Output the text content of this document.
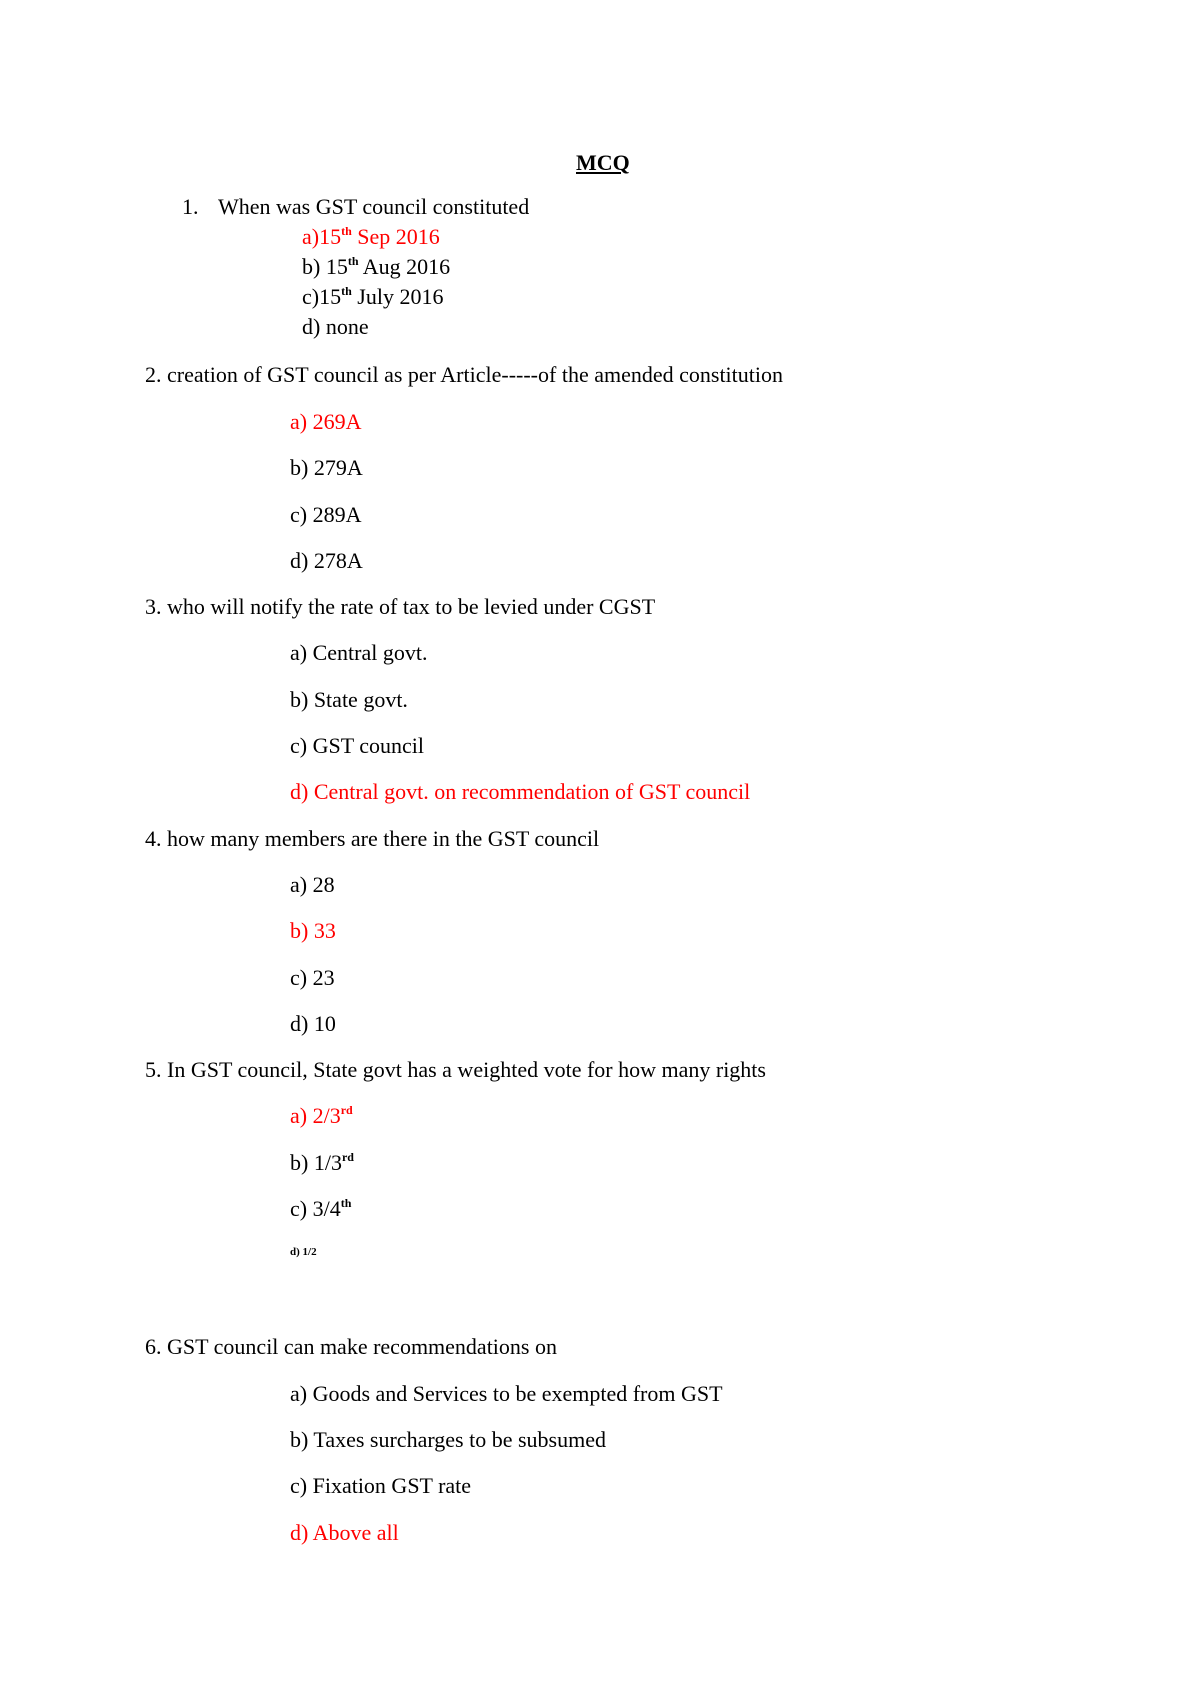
MCQ
1. When was GST council constituted
a)15th Sep 2016
b) 15th Aug 2016
c)15th July 2016
d) none
2. creation of GST council as per Article-----of the amended constitution
a) 269A
b) 279A
c) 289A
d) 278A
3. who will notify the rate of tax to be levied under CGST
a) Central govt.
b) State govt.
c) GST council
d) Central govt. on recommendation of GST council
4. how many members are there in the GST council
a) 28
b) 33
c) 23
d) 10
5. In GST council, State govt has a weighted vote for how many rights
a) 2/3rd
b) 1/3rd
c) 3/4th
d) 1/2
6. GST council can make recommendations on
a) Goods and Services to be exempted from GST
b) Taxes surcharges to be subsumed
c) Fixation GST rate
d) Above all
